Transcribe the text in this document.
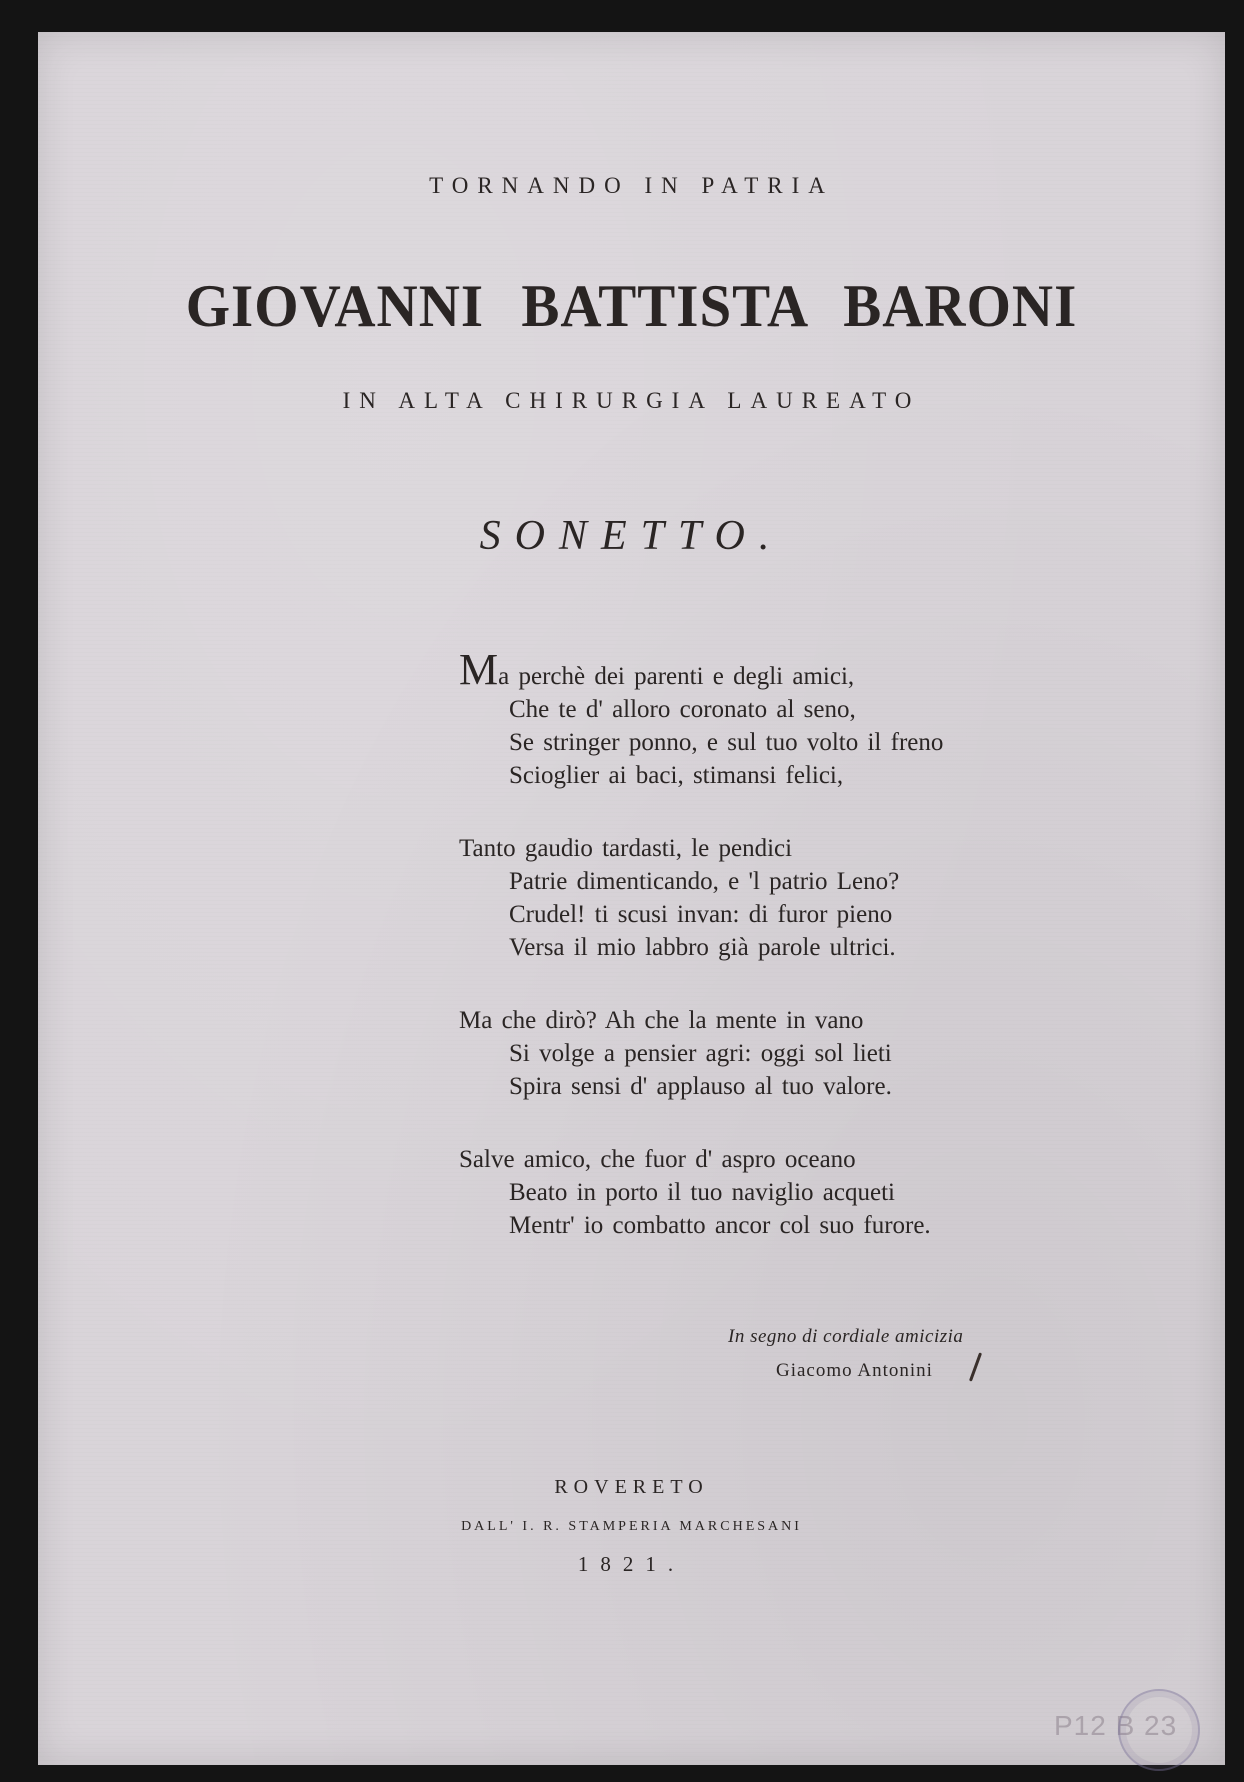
TORNANDO IN PATRIA
GIOVANNI BATTISTA BARONI
IN ALTA CHIRURGIA LAUREATO
SONETTO.
Ma perchè dei parenti e degli amici,
Che te d' alloro coronato al seno,
Se stringer ponno, e sul tuo volto il freno
Scioglier ai baci, stimansi felici,
Tanto gaudio tardasti, le pendici
Patrie dimenticando, e 'l patrio Leno?
Crudel! ti scusi invan: di furor pieno
Versa il mio labbro già parole ultrici.
Ma che dirò? Ah che la mente in vano
Si volge a pensier agri: oggi sol lieti
Spira sensi d' applauso al tuo valore.
Salve amico, che fuor d' aspro oceano
Beato in porto il tuo naviglio acqueti
Mentr' io combatto ancor col suo furore.
In segno di cordiale amicizia
Giacomo Antonini
ROVERETO
DALL' I. R. STAMPERIA MARCHESANI
1821.
P12 B 23
